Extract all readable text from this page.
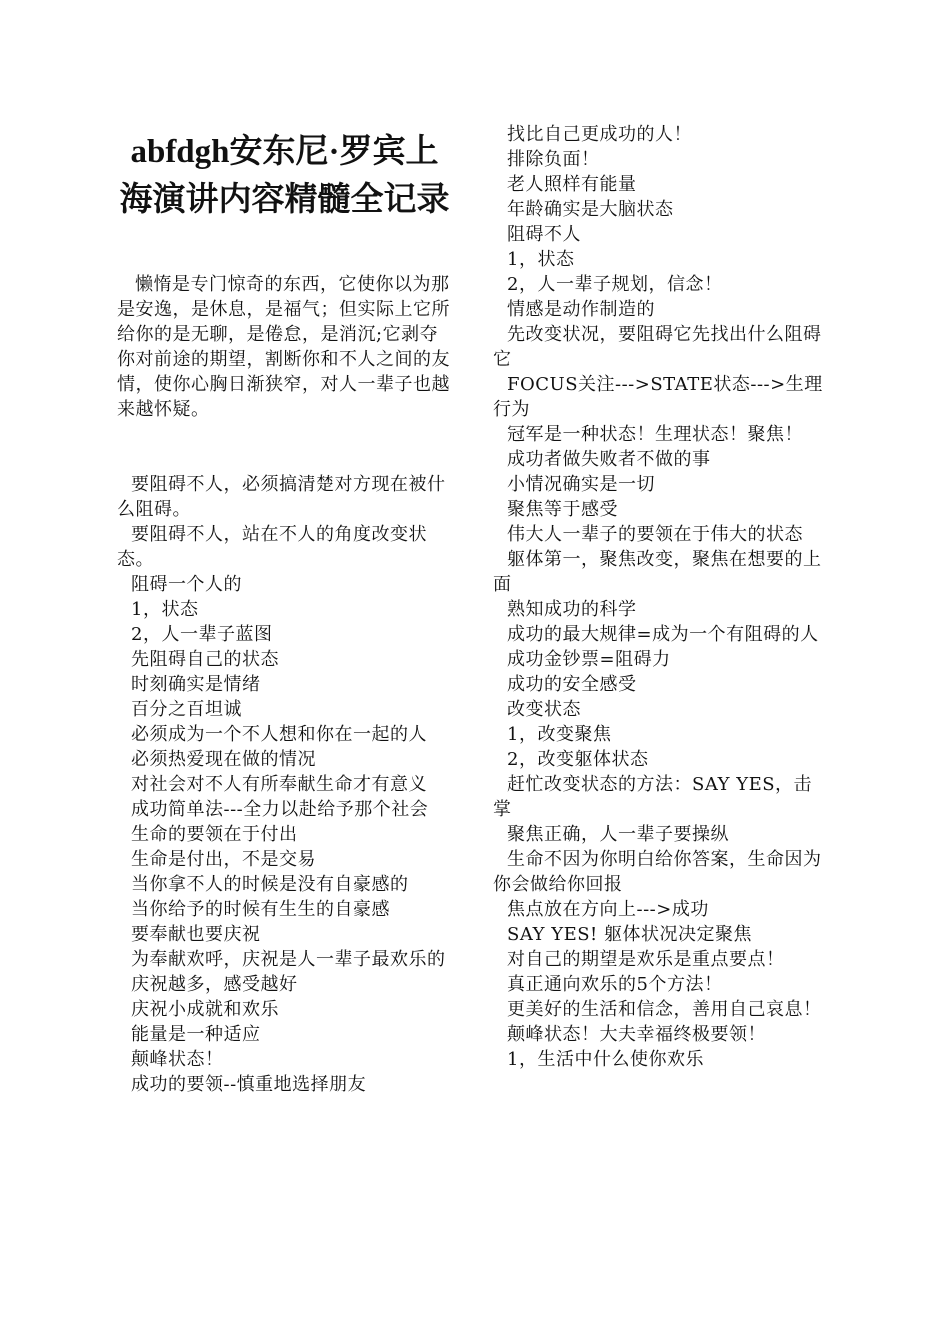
abfdgh安东尼·罗宾上海演讲内容精髓全记录

懒惰是专门惊奇的东西，它使你以为那是安逸，是休息，是福气；但实际上它所给你的是无聊，是倦怠，是消沉;它剥夺你对前途的期望，割断你和不人之间的友情，使你心胸日渐狭窄，对人一辈子也越来越怀疑。

要阻碍不人，必须搞清楚对方现在被什么阻碍。
要阻碍不人，站在不人的角度改变状态。
阻碍一个人的
1，状态
2，人一辈子蓝图
先阻碍自己的状态
时刻确实是情绪
百分之百坦诚
必须成为一个不人想和你在一起的人
必须热爱现在做的情况
对社会对不人有所奉献生命才有意义
成功简单法---全力以赴给予那个社会
生命的要领在于付出
生命是付出，不是交易
当你拿不人的时候是没有自豪感的
当你给予的时候有生生的自豪感
要奉献也要庆祝
为奉献欢呼，庆祝是人一辈子最欢乐的
庆祝越多，感受越好
庆祝小成就和欢乐
能量是一种适应
颠峰状态！
成功的要领--慎重地选择朋友
找比自己更成功的人！
排除负面！
老人照样有能量
年龄确实是大脑状态
阻碍不人
1，状态
2，人一辈子规划，信念！
情感是动作制造的
先改变状况，要阻碍它先找出什么阻碍它
FOCUS关注--->STATE状态--->生理行为
冠军是一种状态！生理状态！聚焦！
成功者做失败者不做的事
小情况确实是一切
聚焦等于感受
伟大人一辈子的要领在于伟大的状态
躯体第一，聚焦改变，聚焦在想要的上面
熟知成功的科学
成功的最大规律=成为一个有阻碍的人
成功金钞票=阻碍力
成功的安全感受
改变状态
1，改变聚焦
2，改变躯体状态
赶忙改变状态的方法：SAY YES，击掌
聚焦正确，人一辈子要操纵
生命不因为你明白给你答案，生命因为你会做给你回报
焦点放在方向上--->成功
SAY YES! 躯体状况决定聚焦
对自己的期望是欢乐是重点要点！
真正通向欢乐的5个方法！
更美好的生活和信念，善用自己哀息！
颠峰状态！大夫幸福终极要领！
1，生活中什么使你欢乐
